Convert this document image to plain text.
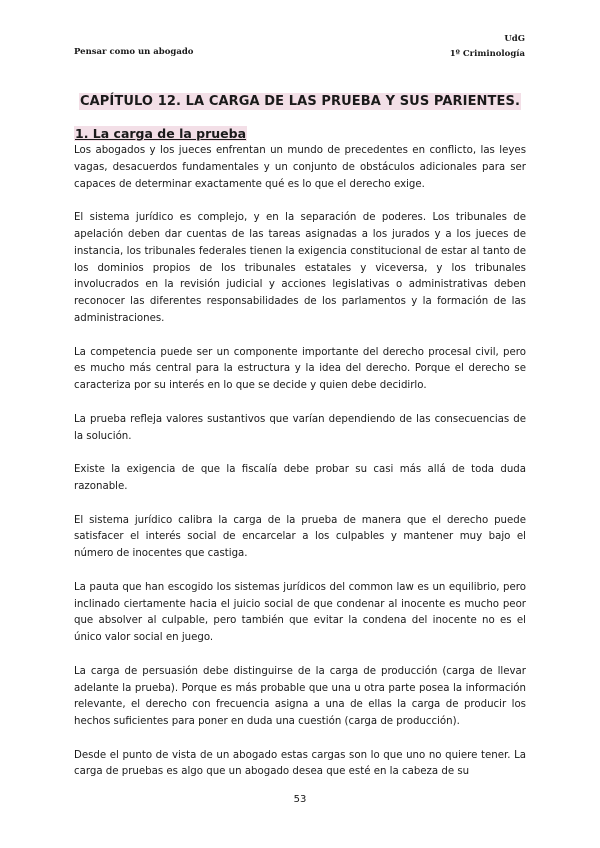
Pensar como un abogado
UdG
1º Criminología
CAPÍTULO 12. LA CARGA DE LAS PRUEBA Y SUS PARIENTES.
1. La carga de la prueba

Los abogados y los jueces enfrentan un mundo de precedentes en conflicto, las leyes vagas, desacuerdos fundamentales y un conjunto de obstáculos adicionales para ser capaces de determinar exactamente qué es lo que el derecho exige.

El sistema jurídico es complejo, y en la separación de poderes. Los tribunales de apelación deben dar cuentas de las tareas asignadas a los jurados y a los jueces de instancia, los tribunales federales tienen la exigencia constitucional de estar al tanto de los dominios propios de los tribunales estatales y viceversa, y los tribunales involucrados en la revisión judicial y acciones legislativas o administrativas deben reconocer las diferentes responsabilidades de los parlamentos y la formación de las administraciones.

La competencia puede ser un componente importante del derecho procesal civil, pero es mucho más central para la estructura y la idea del derecho. Porque el derecho se caracteriza por su interés en lo que se decide y quien debe decidirlo.

La prueba refleja valores sustantivos que varían dependiendo de las consecuencias de la solución.

Existe la exigencia de que la fiscalía debe probar su casi más allá de toda duda razonable.

El sistema jurídico calibra la carga de la prueba de manera que el derecho puede satisfacer el interés social de encarcelar a los culpables y mantener muy bajo el número de inocentes que castiga.

La pauta que han escogido los sistemas jurídicos del common law es un equilibrio, pero inclinado ciertamente hacia el juicio social de que condenar al inocente es mucho peor que absolver al culpable, pero también que evitar la condena del inocente no es el único valor social en juego.

La carga de persuasión debe distinguirse de la carga de producción (carga de llevar adelante la prueba). Porque es más probable que una u otra parte posea la información relevante, el derecho con frecuencia asigna a una de ellas la carga de producir los hechos suficientes para poner en duda una cuestión (carga de producción).

Desde el punto de vista de un abogado estas cargas son lo que uno no quiere tener. La carga de pruebas es algo que un abogado desea que esté en la cabeza de su

53
